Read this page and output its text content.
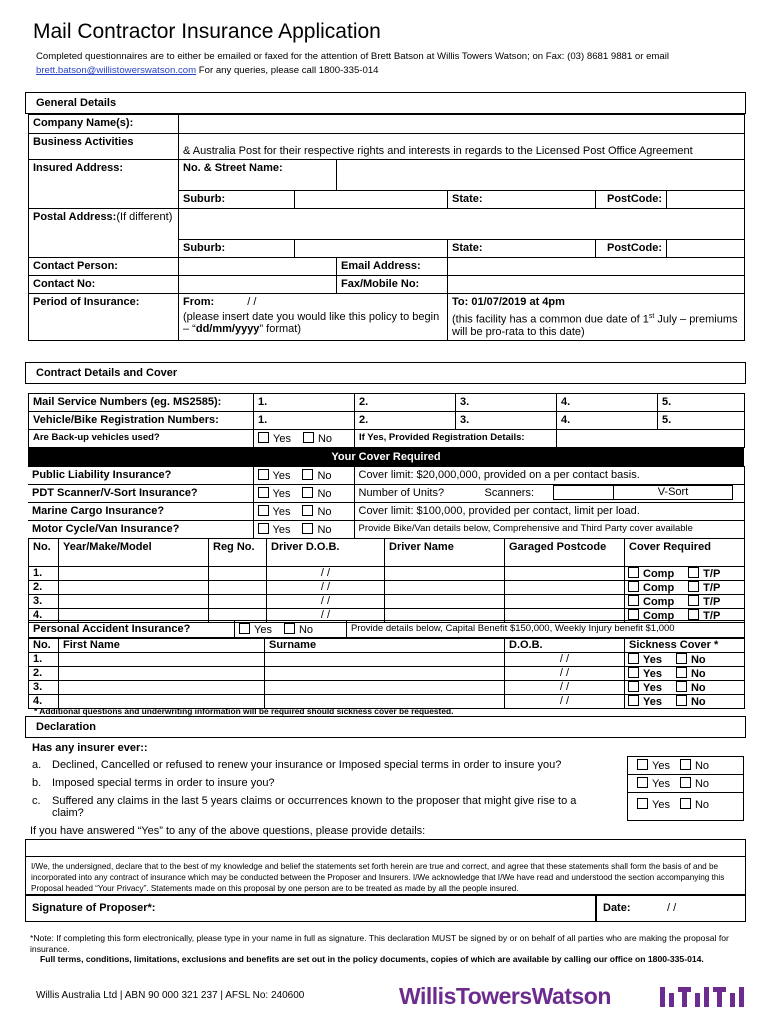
Mail Contractor Insurance Application
Completed questionnaires are to either be emailed or faxed for the attention of Brett Batson at Willis Towers Watson; on Fax: (03) 8681 9881 or email
brett.batson@willistowerswatson.com For any queries, please call 1800-335-014
General Details
Company Name(s):						
Business Activities	& Australia Post for their respective rights and interests in regards to the Licensed Post Office Agreement					
Insured Address:	No. & Street Name:					
	Suburb:			State:	PostCode:	
Postal Address:(If different)						
	Suburb:			State:	PostCode:	
Contact Person:			Email Address:			
Contact No:			Fax/Mobile No:			
Period of Insurance:	From: / /

(please insert date you would like this policy to begin – “dd/mm/yyyy” format)			To: 01/07/2019 at 4pm

(this facility has a common due date of 1st July – premiums will be pro-rata to this date)		
Contract Details and Cover
Mail Service Numbers (eg. MS2585):	1.	2.	3.	4.	5.
Vehicle/Bike Registration Numbers:	1.	2.	3.	4.	5.
Are Back-up vehicles used?	Yes No	If Yes, Provided Registration Details:			
Your Cover Required
Public Liability Insurance?	Yes No	Cover limit: $20,000,000, provided on a per contact basis.
PDT Scanner/V-Sort Insurance?	Yes No	Number of Units? Scanners: V-Sort

Marine Cargo Insurance?	Yes No	Cover limit: $100,000, provided per contact, limit per load.
Motor Cycle/Van Insurance?	Yes No	Provide Bike/Van details below, Comprehensive and Third Party cover available
No.	Year/Make/Model	Reg No.	Driver D.O.B.	Driver Name	Garaged Postcode	Cover Required
1.			/ /			Comp T/P
2.			/ /			Comp T/P
3.			/ /			Comp T/P
4.			/ /			Comp T/P
Personal Accident Insurance?	Yes No	Provide details below, Capital Benefit $150,000, Weekly Injury benefit $1,000
No.	First Name	Surname	D.O.B.	Sickness Cover *
1.			/ /	Yes No
2.			/ /	Yes No
3.			/ /	Yes No
4.			/ /	Yes No
* Additional questions and underwriting information will be required should sickness cover be requested.
Declaration
Has any insurer ever::
a. Declined, Cancelled or refused to renew your insurance or Imposed special terms in order to insure you?
b. Imposed special terms in order to insure you?
c.	Suffered any claims in the last 5 years claims or occurrences known to the proposer that might give rise to a claim?
Yes No
Yes No
Yes No
If you have answered “Yes” to any of the above questions, please provide details:
I/We, the undersigned, declare that to the best of my knowledge and belief the statements set forth herein are true and correct, and agree that these statements shall form the basis of and be incorporated into any contract of insurance which may be conducted between the Proposer and Insurers. I/We acknowledge that I/We have read and understood the section accompanying this Proposal headed “Your Privacy”. Statements made on this proposal by one person are to be treated as made by all the people insured.
Signature of Proposer*:	Date:	/ /
*Note: If completing this form electronically, please type in your name in full as signature. This declaration MUST be signed by or on behalf of all parties who are making the proposal for insurance.
Full terms, conditions, limitations, exclusions and benefits are set out in the policy documents, copies of which are available by calling our office on 1800-335-014.
Willis Australia Ltd | ABN 90 000 321 237 | AFSL No: 240600	WillisTowersWatson
